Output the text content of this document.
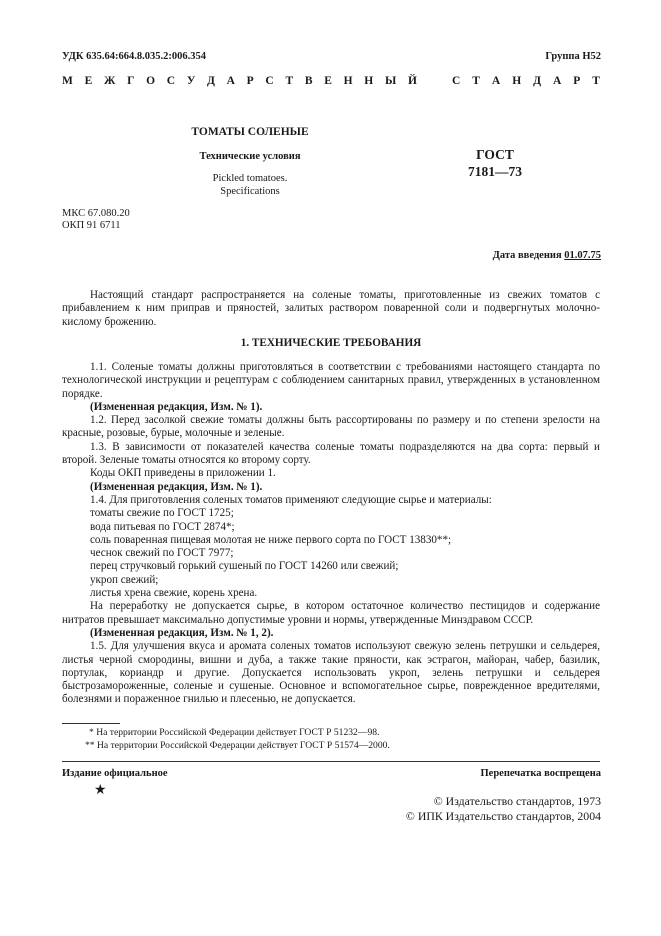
УДК 635.64:664.8.035.2:006.354	Группа Н52
М Е Ж Г О С У Д А Р С Т В Е Н Н Ы Й	С Т А Н Д А Р Т
ТОМАТЫ СОЛЕНЫЕ
Технические условия
Pickled tomatoes.
Specifications
ГОСТ
7181—73
МКС 67.080.20
ОКП 91 6711
Дата введения 01.07.75

Настоящий стандарт распространяется на соленые томаты, приготовленные из свежих томатов с прибавлением к ним приправ и пряностей, залитых раствором поваренной соли и подвергнутых молочно-кислому брожению.

1. ТЕХНИЧЕСКИЕ ТРЕБОВАНИЯ

1.1. Соленые томаты должны приготовляться в соответствии с требованиями настоящего стандарта по технологической инструкции и рецептурам с соблюдением санитарных правил, утвержденных в установленном порядке.

(Измененная редакция, Изм. № 1).

1.2. Перед засолкой свежие томаты должны быть рассортированы по размеру и по степени зрелости на красные, розовые, бурые, молочные и зеленые.

1.3. В зависимости от показателей качества соленые томаты подразделяются на два сорта: первый и второй. Зеленые томаты относятся ко второму сорту.

Коды ОКП приведены в приложении 1.

(Измененная редакция, Изм. № 1).

1.4. Для приготовления соленых томатов применяют следующие сырье и материалы:

томаты свежие по ГОСТ 1725;

вода питьевая по ГОСТ 2874*;

соль поваренная пищевая молотая не ниже первого сорта по ГОСТ 13830**;

чеснок свежий по ГОСТ 7977;

перец стручковый горький сушеный по ГОСТ 14260 или свежий;

укроп свежий;

листья хрена свежие, корень хрена.

На переработку не допускается сырье, в котором остаточное количество пестицидов и содержание нитратов превышает максимально допустимые уровни и нормы, утвержденные Минздравом СССР.

(Измененная редакция, Изм. № 1, 2).

1.5. Для улучшения вкуса и аромата соленых томатов используют свежую зелень петрушки и сельдерея, листья черной смородины, вишни и дуба, а также такие пряности, как эстрагон, майоран, чабер, базилик, портулак, кориандр и другие. Допускается использовать укроп, зелень петрушки и сельдерея быстрозамороженные, соленые и сушеные. Основное и вспомогательное сырье, поврежденное вредителями, болезнями и пораженное гнилью и плесенью, не допускается.

* На территории Российской Федерации действует ГОСТ Р 51232—98.

** На территории Российской Федерации действует ГОСТ Р 51574—2000.

Издание официальное	Перепечатка воспрещена
★
© Издательство стандартов, 1973
© ИПК Издательство стандартов, 2004
